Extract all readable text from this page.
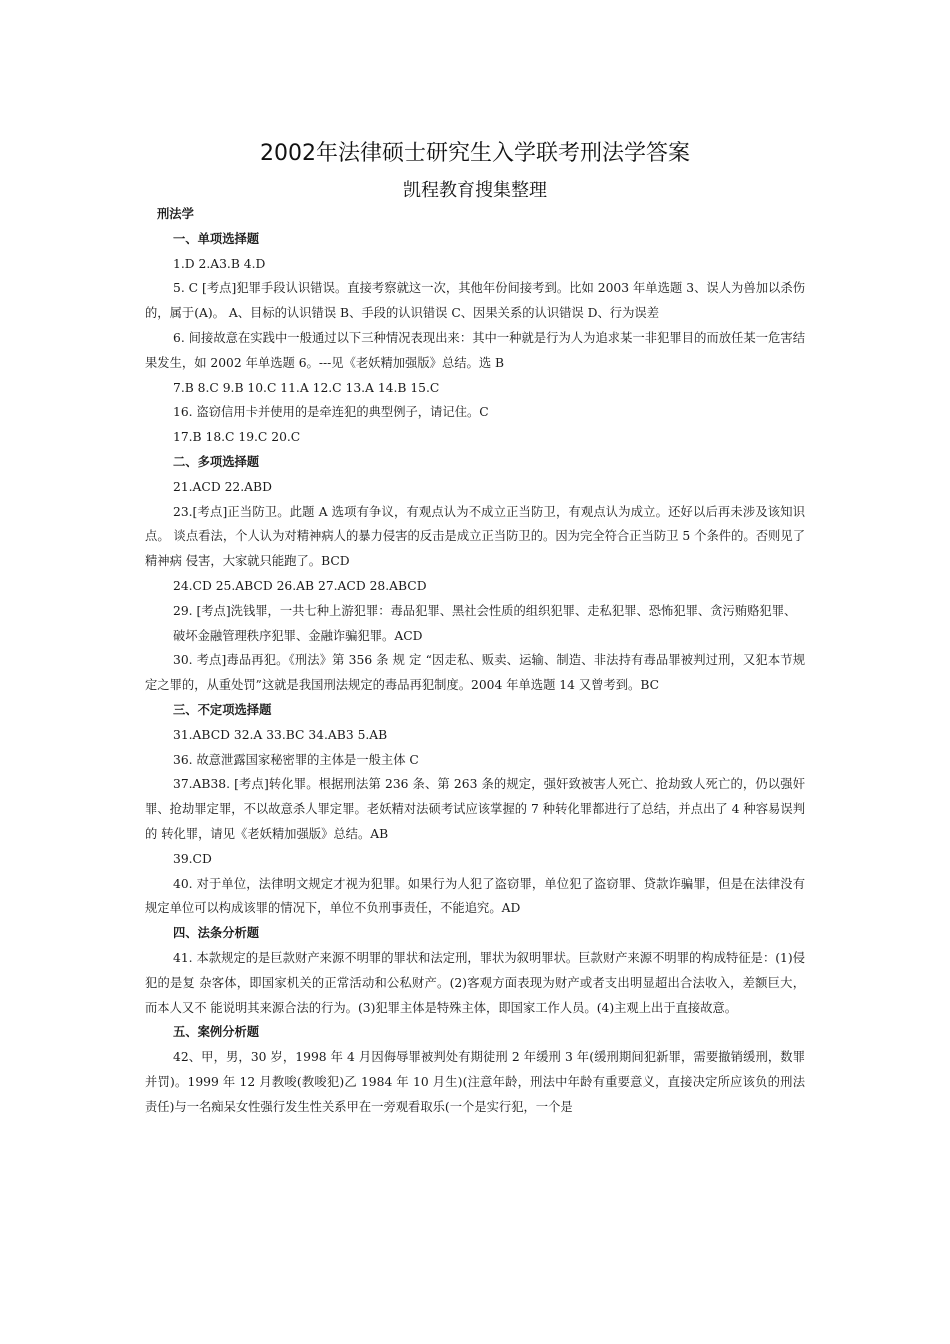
2002年法律硕士研究生入学联考刑法学答案
凯程教育搜集整理

刑法学

一、单项选择题

1.D 2.A3.B 4.D

5. C [考点]犯罪手段认识错误。直接考察就这一次，其他年份间接考到。比如 2003 年单选题 3、误人为兽加以杀伤的，属于(A)。 A、目标的认识错误 B、手段的认识错误 C、因果关系的认识错误 D、行为误差

6. 间接故意在实践中一般通过以下三种情况表现出来：其中一种就是行为人为追求某一非犯罪目的而放任某一危害结 果发生，如 2002 年单选题 6。---见《老妖精加强版》总结。选 B

7.B 8.C 9.B 10.C 11.A 12.C 13.A 14.B 15.C

16. 盗窃信用卡并使用的是牵连犯的典型例子，请记住。C

17.B 18.C 19.C 20.C

二、多项选择题

21.ACD 22.ABD

23.[考点]正当防卫。此题 A 选项有争议，有观点认为不成立正当防卫，有观点认为成立。还好以后再未涉及该知识点。 谈点看法，个人认为对精神病人的暴力侵害的反击是成立正当防卫的。因为完全符合正当防卫 5 个条件的。否则见了精神病 侵害，大家就只能跑了。BCD

24.CD 25.ABCD 26.AB 27.ACD 28.ABCD

29. [考点]洗钱罪，一共七种上游犯罪：毒品犯罪、黑社会性质的组织犯罪、走私犯罪、恐怖犯罪、贪污贿赂犯罪、

破坏金融管理秩序犯罪、金融诈骗犯罪。ACD

30. 考点]毒品再犯。《刑法》第 356 条 规 定 “因走私、贩卖、运输、制造、非法持有毒品罪被判过刑，又犯本节规定之罪的，从重处罚”这就是我国刑法规定的毒品再犯制度。2004 年单选题 14 又曾考到。BC

三、不定项选择题

31.ABCD 32.A 33.BC 34.AB3 5.AB

36. 故意泄露国家秘密罪的主体是一般主体 C

37.AB38. [考点]转化罪。根据刑法第 236 条、第 263 条的规定，强奸致被害人死亡、抢劫致人死亡的，仍以强奸 罪、抢劫罪定罪，不以故意杀人罪定罪。老妖精对法硕考试应该掌握的 7 种转化罪都进行了总结，并点出了 4 种容易误判的 转化罪，请见《老妖精加强版》总结。AB

39.CD

40. 对于单位，法律明文规定才视为犯罪。如果行为人犯了盗窃罪，单位犯了盗窃罪、贷款诈骗罪，但是在法律没有规定单位可以构成该罪的情况下，单位不负刑事责任，不能追究。AD

四、法条分析题

41. 本款规定的是巨款财产来源不明罪的罪状和法定刑，罪状为叙明罪状。巨款财产来源不明罪的构成特征是：(1)侵犯的是复 杂客体，即国家机关的正常活动和公私财产。(2)客观方面表现为财产或者支出明显超出合法收入，差额巨大，而本人又不 能说明其来源合法的行为。(3)犯罪主体是特殊主体，即国家工作人员。(4)主观上出于直接故意。

五、案例分析题

42、甲，男，30 岁，1998 年 4 月因侮辱罪被判处有期徒刑 2 年缓刑 3 年(缓刑期间犯新罪，需要撤销缓刑，数罪并罚)。1999 年 12 月教唆(教唆犯)乙 1984 年 10 月生)(注意年龄，刑法中年龄有重要意义，直接决定所应该负的刑法责任)与一名痴呆女性强行发生性关系甲在一旁观看取乐(一个是实行犯，一个是
